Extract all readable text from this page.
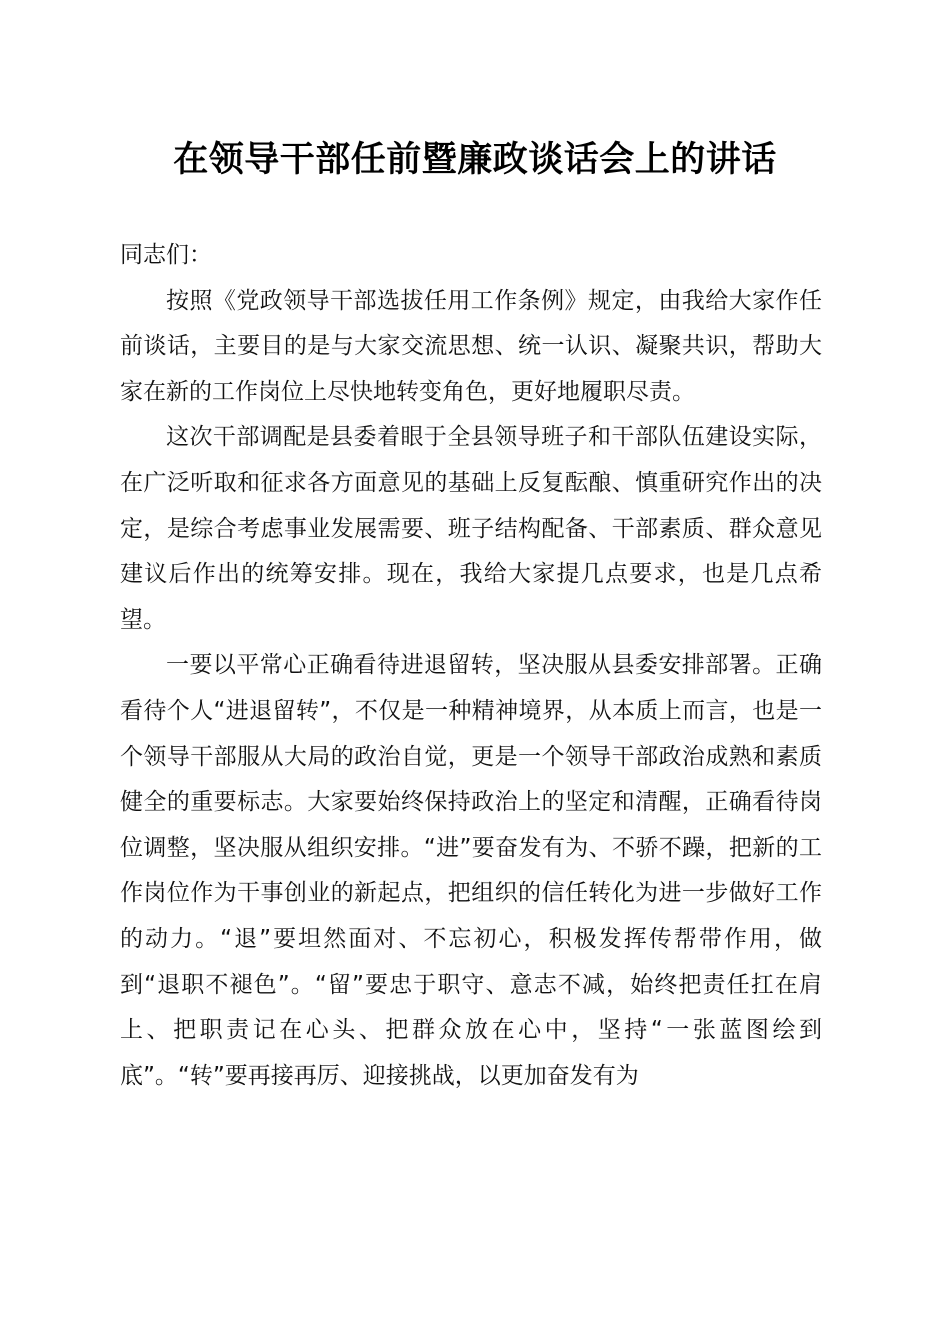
在领导干部任前暨廉政谈话会上的讲话

同志们：

按照《党政领导干部选拔任用工作条例》规定，由我给大家作任前谈话，主要目的是与大家交流思想、统一认识、凝聚共识，帮助大家在新的工作岗位上尽快地转变角色，更好地履职尽责。

这次干部调配是县委着眼于全县领导班子和干部队伍建设实际，在广泛听取和征求各方面意见的基础上反复酝酿、慎重研究作出的决定，是综合考虑事业发展需要、班子结构配备、干部素质、群众意见建议后作出的统筹安排。现在，我给大家提几点要求，也是几点希望。

一要以平常心正确看待进退留转，坚决服从县委安排部署。正确看待个人“进退留转”，不仅是一种精神境界，从本质上而言，也是一个领导干部服从大局的政治自觉，更是一个领导干部政治成熟和素质健全的重要标志。大家要始终保持政治上的坚定和清醒，正确看待岗位调整，坚决服从组织安排。“进”要奋发有为、不骄不躁，把新的工作岗位作为干事创业的新起点，把组织的信任转化为进一步做好工作的动力。“退”要坦然面对、不忘初心，积极发挥传帮带作用，做到“退职不褪色”。“留”要忠于职守、意志不减，始终把责任扛在肩上、把职责记在心头、把群众放在心中，坚持“一张蓝图绘到底”。“转”要再接再厉、迎接挑战，以更加奋发有为
